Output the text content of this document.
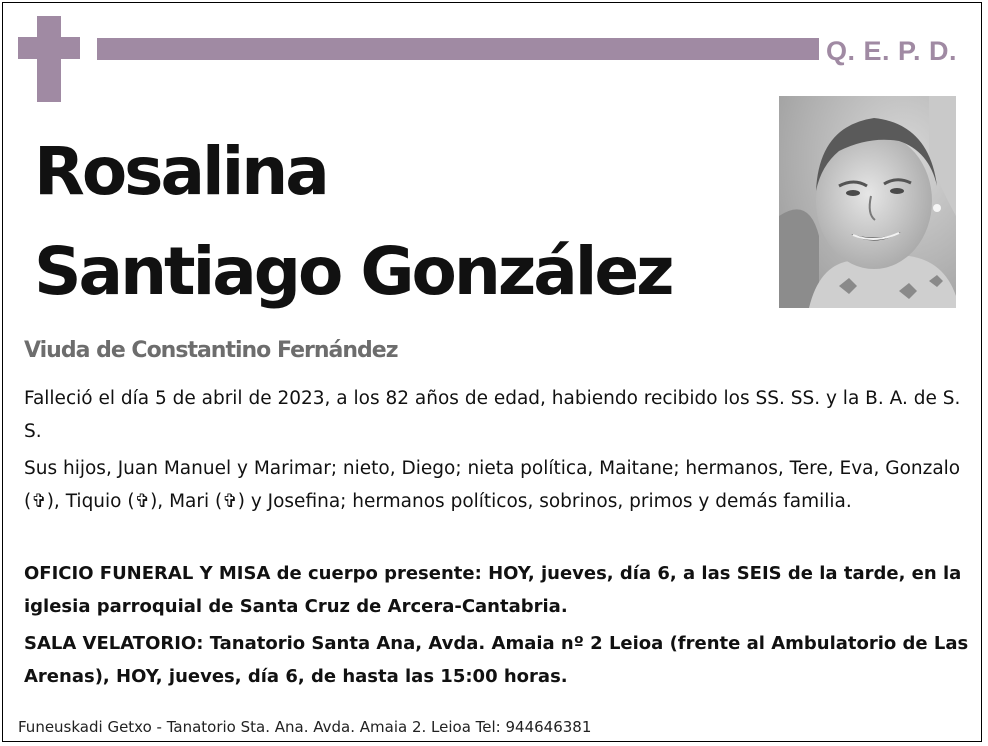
Q. E. P. D.
Rosalina
Santiago González
Viuda de Constantino Fernández

Falleció el día 5 de abril de 2023, a los 82 años de edad, habiendo recibido los SS. SS. y la B. A. de S. S.

Sus hijos, Juan Manuel y Marimar; nieto, Diego; nieta política, Maitane; hermanos, Tere, Eva, Gonzalo (✞), Tiquio (✞), Mari (✞) y Josefina; hermanos políticos, sobrinos, primos y demás familia.

OFICIO FUNERAL Y MISA de cuerpo presente: HOY, jueves, día 6, a las SEIS de la tarde, en la iglesia parroquial de Santa Cruz de Arcera-Cantabria.

SALA VELATORIO: Tanatorio Santa Ana, Avda. Amaia nº 2 Leioa (frente al Ambulatorio de Las Arenas), HOY, jueves, día 6, de hasta las 15:00 horas.

Funeuskadi Getxo - Tanatorio Sta. Ana. Avda. Amaia 2. Leioa Tel: 944646381
